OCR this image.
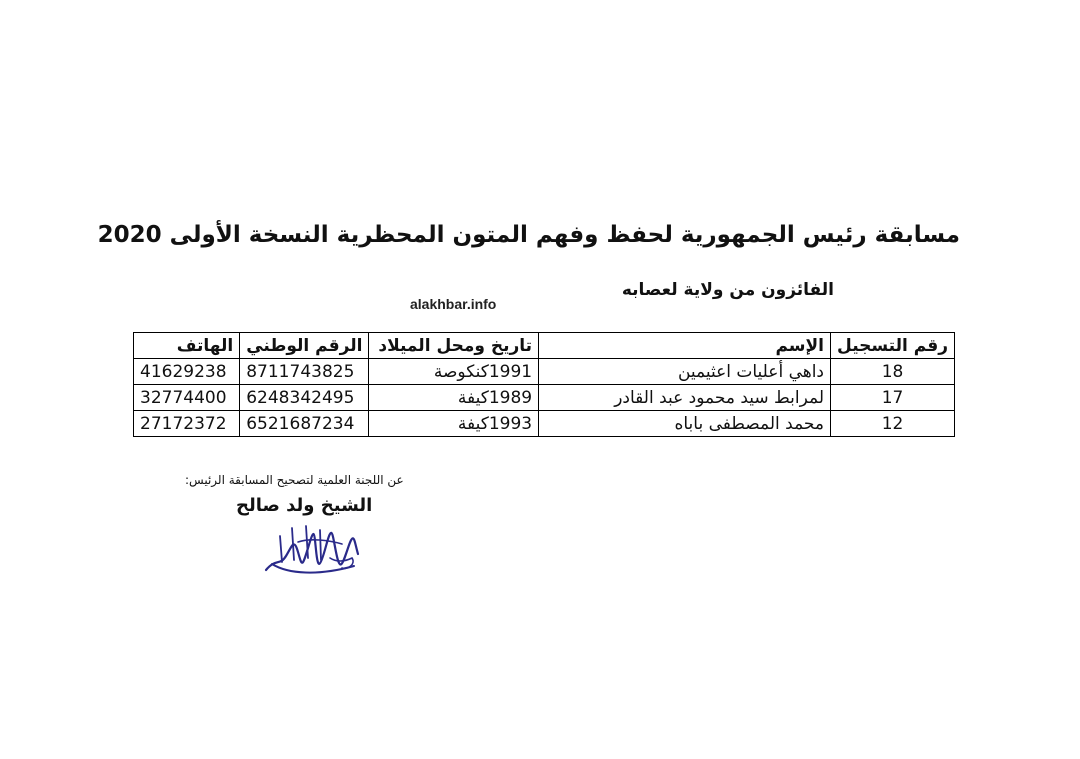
مسابقة رئيس الجمهورية لحفظ وفهم المتون المحظرية النسخة الأولى 2020
الفائزون من ولاية لعصابه
alakhbar.info
رقم التسجيل	الإسم	تاريخ ومحل الميلاد	الرقم الوطني	الهاتف
18	داهي أعليات اعثيمين	1991كنكوصة	8711743825	41629238
17	لمرابط سيد محمود عبد القادر	1989كيفة	6248342495	32774400
12	محمد المصطفى باباه	1993كيفة	6521687234	27172372
عن اللجنة العلمية لتصحيح المسابقة الرئيس:
الشيخ ولد صالح
